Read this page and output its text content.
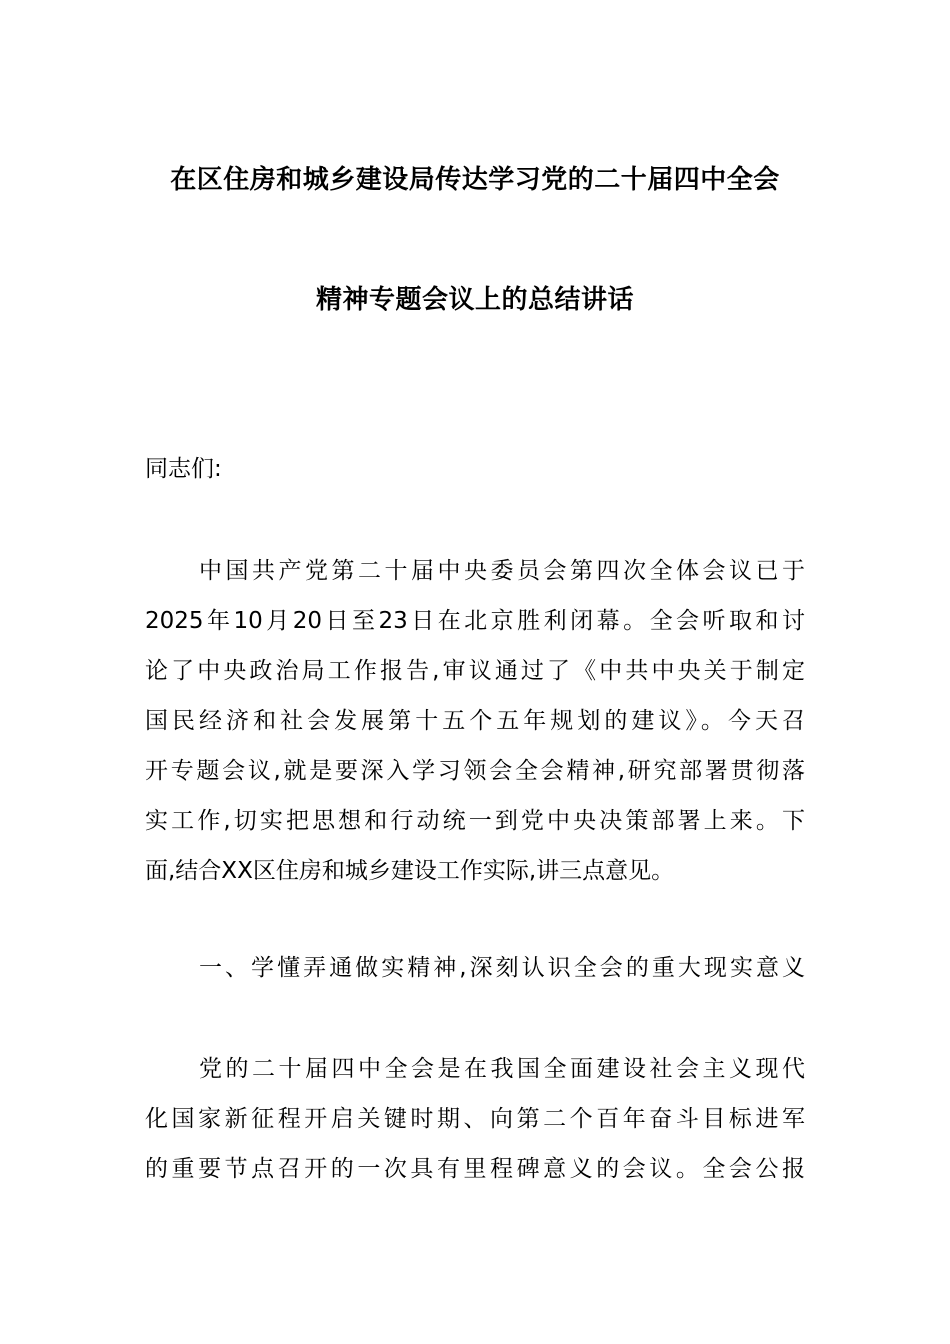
在区住房和城乡建设局传达学习党的二十届四中全会
精神专题会议上的总结讲话
同志们:
中国共产党第二十届中央委员会第四次全体会议已于
2025年10月20日至23日在北京胜利闭幕。全会听取和讨
论了中央政治局工作报告,审议通过了《中共中央关于制定
国民经济和社会发展第十五个五年规划的建议》。今天召
开专题会议,就是要深入学习领会全会精神,研究部署贯彻落
实工作,切实把思想和行动统一到党中央决策部署上来。下
面,结合XX区住房和城乡建设工作实际,讲三点意见。
一、学懂弄通做实精神,深刻认识全会的重大现实意义
党的二十届四中全会是在我国全面建设社会主义现代
化国家新征程开启关键时期、向第二个百年奋斗目标进军
的重要节点召开的一次具有里程碑意义的会议。全会公报
